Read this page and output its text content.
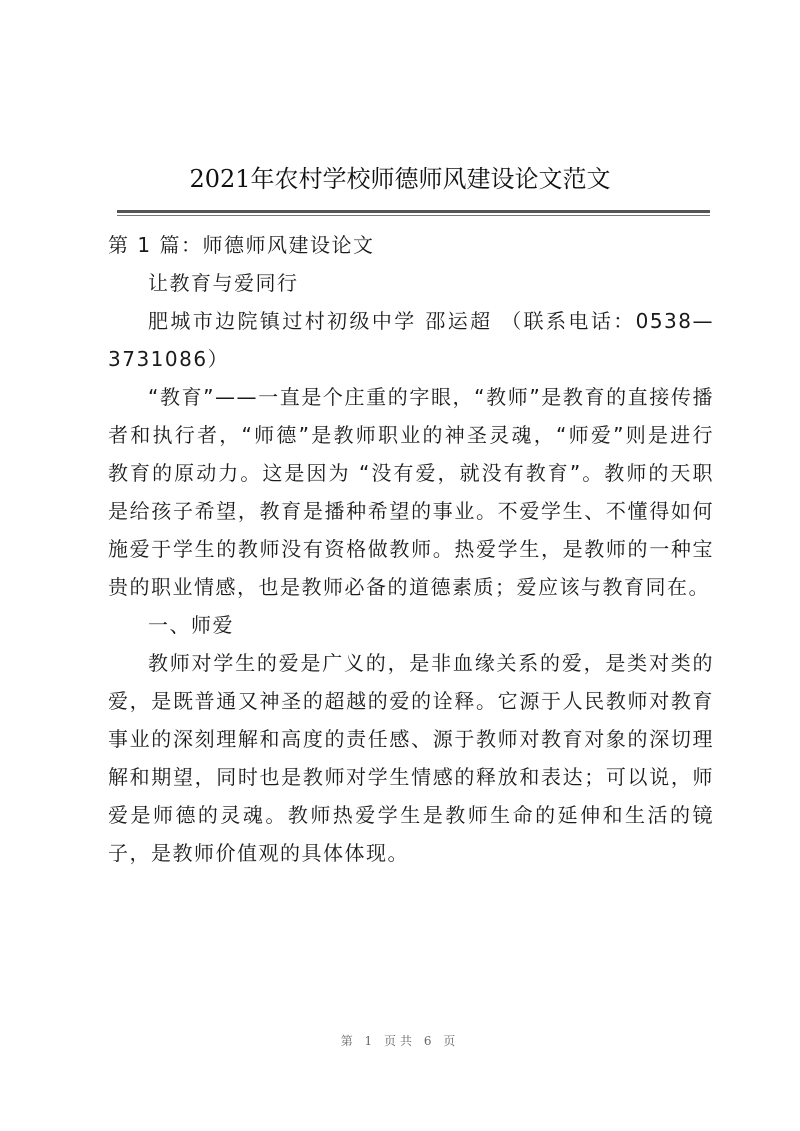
2021年农村学校师德师风建设论文范文

第 1 篇：师德师风建设论文

让教育与爱同行

肥城市边院镇过村初级中学 邵运超 （联系电话：0538—3731086）

“教育”——一直是个庄重的字眼，“教师”是教育的直接传播者和执行者，“师德”是教师职业的神圣灵魂，“师爱”则是进行教育的原动力。这是因为 “没有爱，就没有教育”。教师的天职是给孩子希望，教育是播种希望的事业。不爱学生、不懂得如何施爱于学生的教师没有资格做教师。热爱学生，是教师的一种宝贵的职业情感，也是教师必备的道德素质；爱应该与教育同在。

一、师爱

教师对学生的爱是广义的，是非血缘关系的爱，是类对类的爱，是既普通又神圣的超越的爱的诠释。它源于人民教师对教育事业的深刻理解和高度的责任感、源于教师对教育对象的深切理解和期望，同时也是教师对学生情感的释放和表达；可以说，师爱是师德的灵魂。教师热爱学生是教师生命的延伸和生活的镜子，是教师价值观的具体体现。

第 1 页共 6 页
